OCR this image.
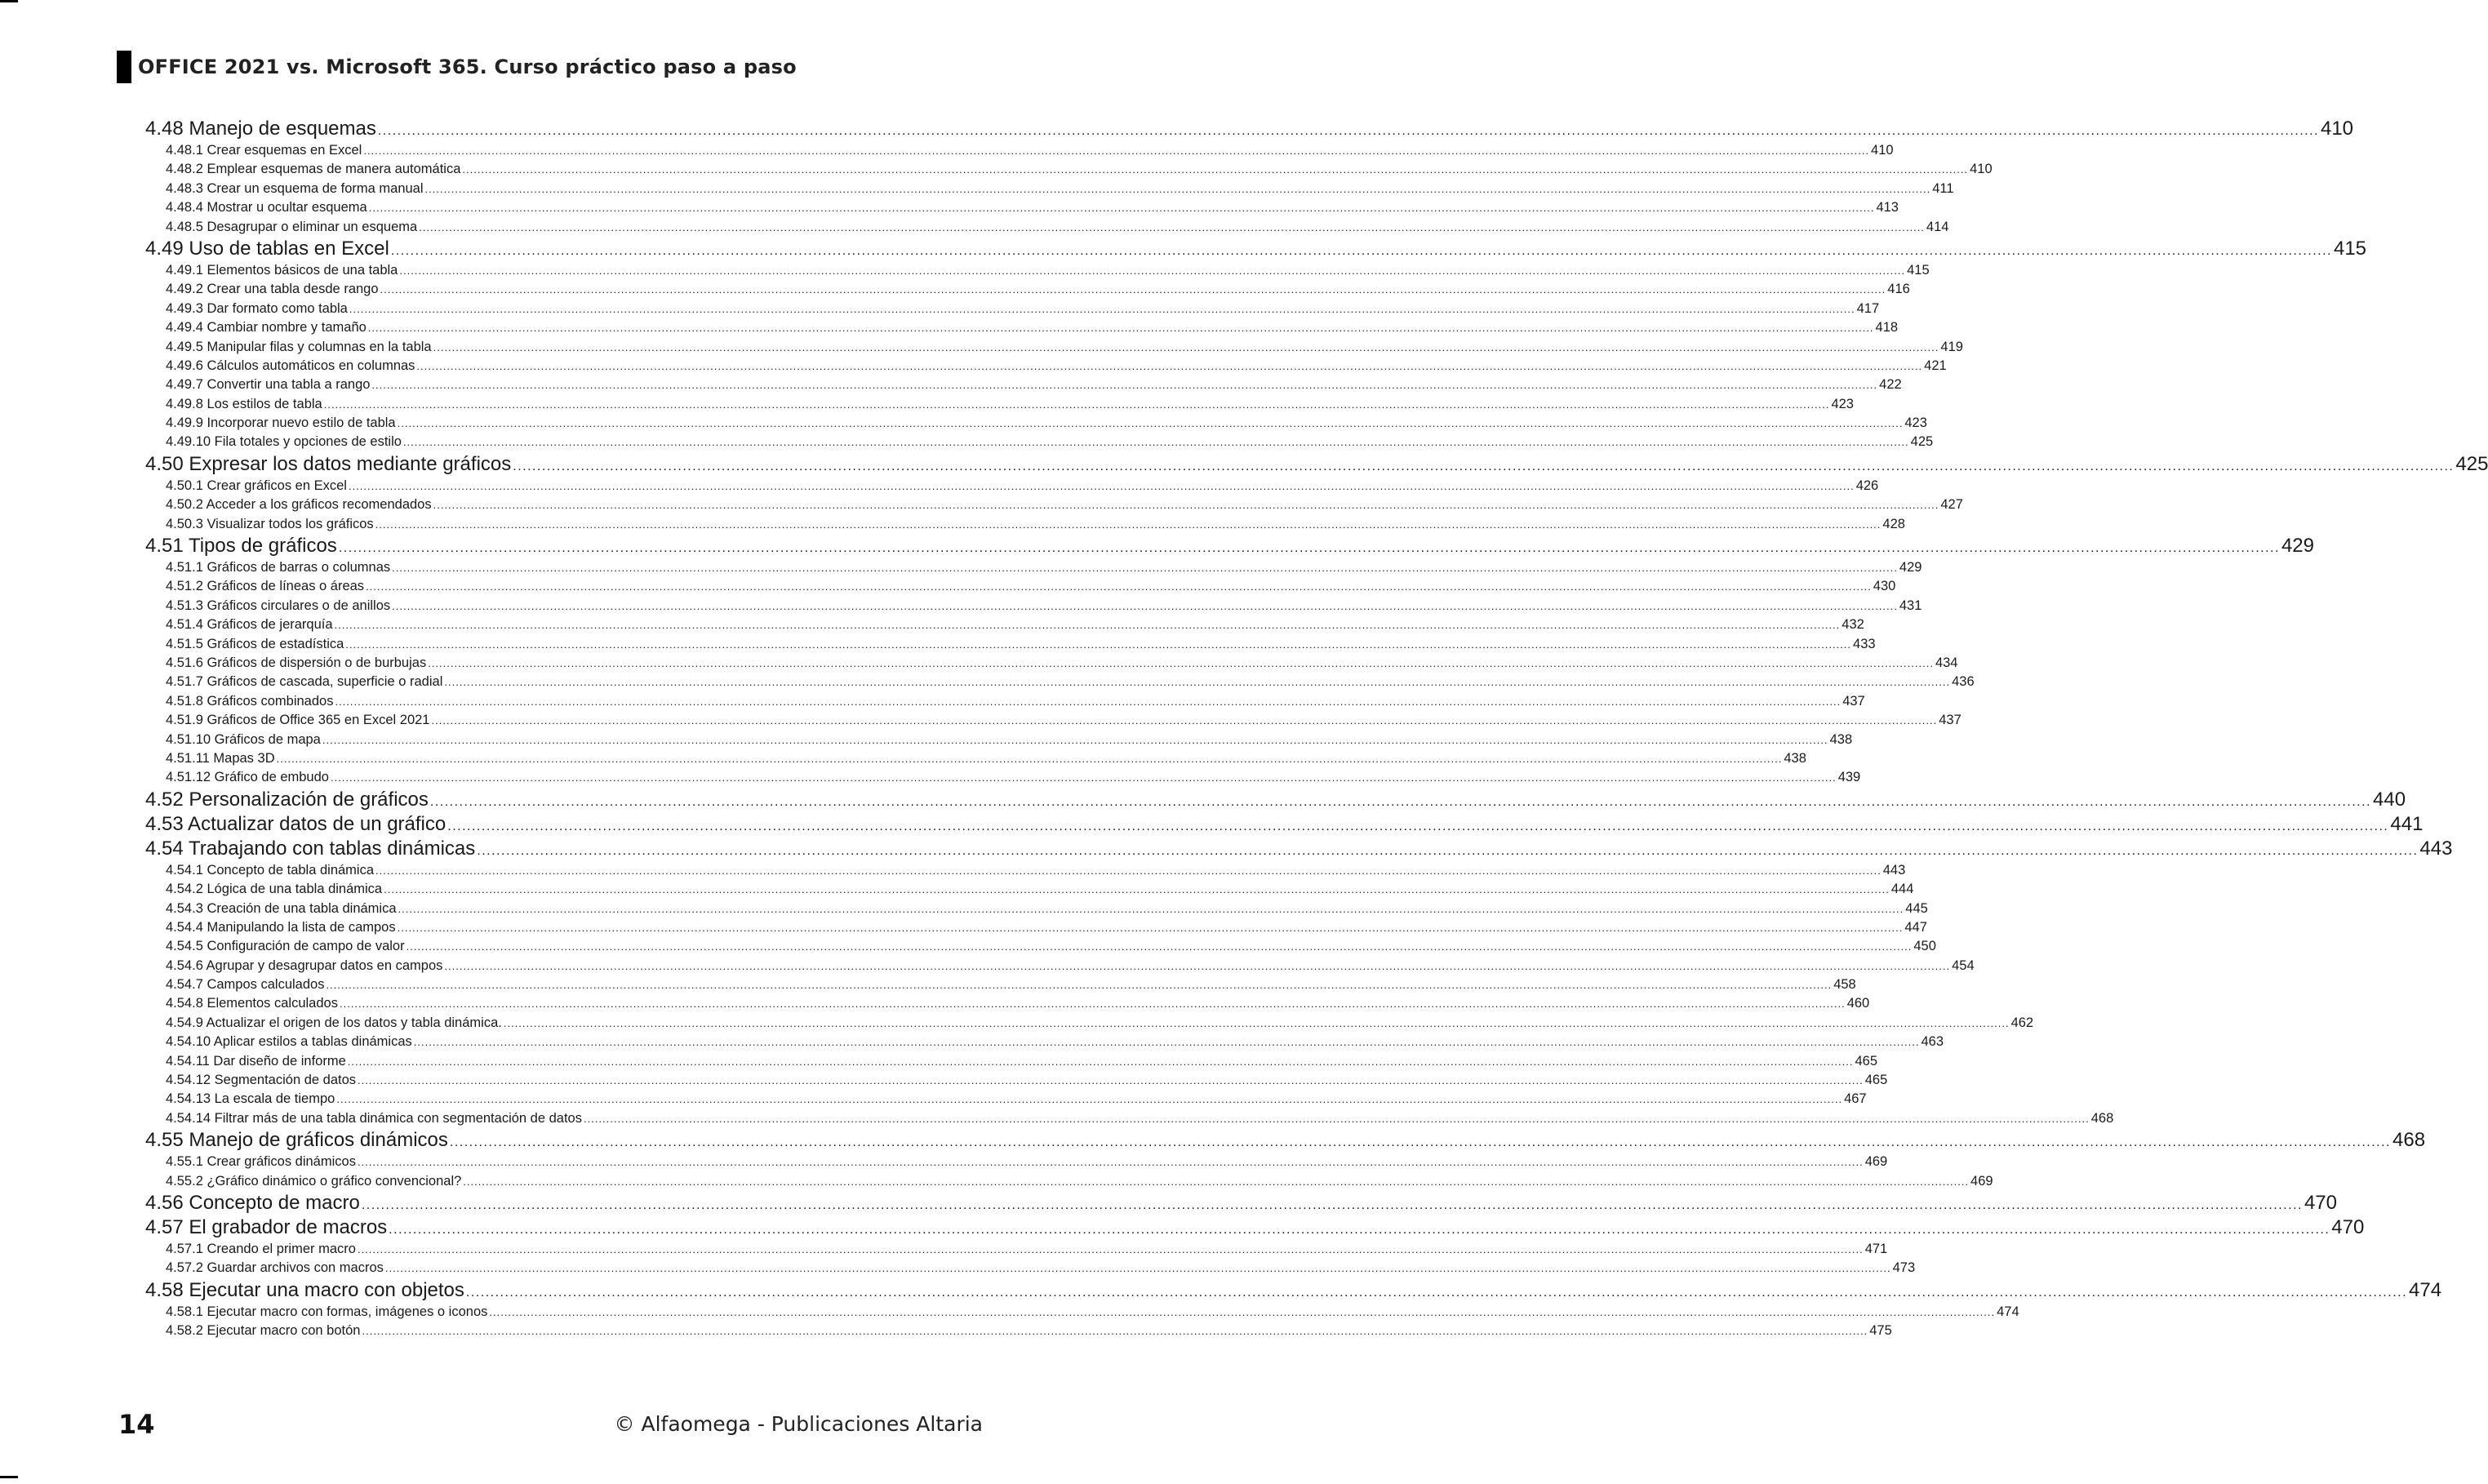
OFFICE 2021 vs. Microsoft 365. Curso práctico paso a paso
4.48 Manejo de esquemas ................................................................................................................................................................................................................................................................................................................................................................................................................ 410
4.48.1 Crear esquemas en Excel ................................................................................................................................................................................................................................................................................................................................................................................................................ 410
4.48.2 Emplear esquemas de manera automática ................................................................................................................................................................................................................................................................................................................................................................................................................ 410
4.48.3 Crear un esquema de forma manual ................................................................................................................................................................................................................................................................................................................................................................................................................ 411
4.48.4 Mostrar u ocultar esquema ................................................................................................................................................................................................................................................................................................................................................................................................................ 413
4.48.5 Desagrupar o eliminar un esquema ................................................................................................................................................................................................................................................................................................................................................................................................................ 414
4.49 Uso de tablas en Excel ................................................................................................................................................................................................................................................................................................................................................................................................................ 415
4.49.1 Elementos básicos de una tabla ................................................................................................................................................................................................................................................................................................................................................................................................................ 415
4.49.2 Crear una tabla desde rango ................................................................................................................................................................................................................................................................................................................................................................................................................ 416
4.49.3 Dar formato como tabla ................................................................................................................................................................................................................................................................................................................................................................................................................ 417
4.49.4 Cambiar nombre y tamaño ................................................................................................................................................................................................................................................................................................................................................................................................................ 418
4.49.5 Manipular filas y columnas en la tabla ................................................................................................................................................................................................................................................................................................................................................................................................................ 419
4.49.6 Cálculos automáticos en columnas ................................................................................................................................................................................................................................................................................................................................................................................................................ 421
4.49.7 Convertir una tabla a rango ................................................................................................................................................................................................................................................................................................................................................................................................................ 422
4.49.8 Los estilos de tabla ................................................................................................................................................................................................................................................................................................................................................................................................................ 423
4.49.9 Incorporar nuevo estilo de tabla ................................................................................................................................................................................................................................................................................................................................................................................................................ 423
4.49.10 Fila totales y opciones de estilo ................................................................................................................................................................................................................................................................................................................................................................................................................ 425
4.50 Expresar los datos mediante gráficos ................................................................................................................................................................................................................................................................................................................................................................................................................ 425
4.50.1 Crear gráficos en Excel ................................................................................................................................................................................................................................................................................................................................................................................................................ 426
4.50.2 Acceder a los gráficos recomendados ................................................................................................................................................................................................................................................................................................................................................................................................................ 427
4.50.3 Visualizar todos los gráficos ................................................................................................................................................................................................................................................................................................................................................................................................................ 428
4.51 Tipos de gráficos ................................................................................................................................................................................................................................................................................................................................................................................................................ 429
4.51.1 Gráficos de barras o columnas ................................................................................................................................................................................................................................................................................................................................................................................................................ 429
4.51.2 Gráficos de líneas o áreas ................................................................................................................................................................................................................................................................................................................................................................................................................ 430
4.51.3 Gráficos circulares o de anillos ................................................................................................................................................................................................................................................................................................................................................................................................................ 431
4.51.4 Gráficos de jerarquía ................................................................................................................................................................................................................................................................................................................................................................................................................ 432
4.51.5 Gráficos de estadística ................................................................................................................................................................................................................................................................................................................................................................................................................ 433
4.51.6 Gráficos de dispersión o de burbujas ................................................................................................................................................................................................................................................................................................................................................................................................................ 434
4.51.7 Gráficos de cascada, superficie o radial ................................................................................................................................................................................................................................................................................................................................................................................................................ 436
4.51.8 Gráficos combinados ................................................................................................................................................................................................................................................................................................................................................................................................................ 437
4.51.9 Gráficos de Office 365 en Excel 2021 ................................................................................................................................................................................................................................................................................................................................................................................................................ 437
4.51.10 Gráficos de mapa ................................................................................................................................................................................................................................................................................................................................................................................................................ 438
4.51.11 Mapas 3D ................................................................................................................................................................................................................................................................................................................................................................................................................ 438
4.51.12 Gráfico de embudo ................................................................................................................................................................................................................................................................................................................................................................................................................ 439
4.52 Personalización de gráficos ................................................................................................................................................................................................................................................................................................................................................................................................................ 440
4.53 Actualizar datos de un gráfico ................................................................................................................................................................................................................................................................................................................................................................................................................ 441
4.54 Trabajando con tablas dinámicas ................................................................................................................................................................................................................................................................................................................................................................................................................ 443
4.54.1 Concepto de tabla dinámica ................................................................................................................................................................................................................................................................................................................................................................................................................ 443
4.54.2 Lógica de una tabla dinámica ................................................................................................................................................................................................................................................................................................................................................................................................................ 444
4.54.3 Creación de una tabla dinámica ................................................................................................................................................................................................................................................................................................................................................................................................................ 445
4.54.4 Manipulando la lista de campos ................................................................................................................................................................................................................................................................................................................................................................................................................ 447
4.54.5 Configuración de campo de valor ................................................................................................................................................................................................................................................................................................................................................................................................................ 450
4.54.6 Agrupar y desagrupar datos en campos ................................................................................................................................................................................................................................................................................................................................................................................................................ 454
4.54.7 Campos calculados ................................................................................................................................................................................................................................................................................................................................................................................................................ 458
4.54.8 Elementos calculados ................................................................................................................................................................................................................................................................................................................................................................................................................ 460
4.54.9 Actualizar el origen de los datos y tabla dinámica. ................................................................................................................................................................................................................................................................................................................................................................................................................ 462
4.54.10 Aplicar estilos a tablas dinámicas ................................................................................................................................................................................................................................................................................................................................................................................................................ 463
4.54.11 Dar diseño de informe ................................................................................................................................................................................................................................................................................................................................................................................................................ 465
4.54.12 Segmentación de datos ................................................................................................................................................................................................................................................................................................................................................................................................................ 465
4.54.13 La escala de tiempo ................................................................................................................................................................................................................................................................................................................................................................................................................ 467
4.54.14 Filtrar más de una tabla dinámica con segmentación de datos ................................................................................................................................................................................................................................................................................................................................................................................................................ 468
4.55 Manejo de gráficos dinámicos ................................................................................................................................................................................................................................................................................................................................................................................................................ 468
4.55.1 Crear gráficos dinámicos ................................................................................................................................................................................................................................................................................................................................................................................................................ 469
4.55.2 ¿Gráfico dinámico o gráfico convencional? ................................................................................................................................................................................................................................................................................................................................................................................................................ 469
4.56 Concepto de macro ................................................................................................................................................................................................................................................................................................................................................................................................................ 470
4.57 El grabador de macros ................................................................................................................................................................................................................................................................................................................................................................................................................ 470
4.57.1 Creando el primer macro ................................................................................................................................................................................................................................................................................................................................................................................................................ 471
4.57.2 Guardar archivos con macros ................................................................................................................................................................................................................................................................................................................................................................................................................ 473
4.58 Ejecutar una macro con objetos ................................................................................................................................................................................................................................................................................................................................................................................................................ 474
4.58.1 Ejecutar macro con formas, imágenes o iconos ................................................................................................................................................................................................................................................................................................................................................................................................................ 474
4.58.2 Ejecutar macro con botón ................................................................................................................................................................................................................................................................................................................................................................................................................ 475
14	© Alfaomega - Publicaciones Altaria
